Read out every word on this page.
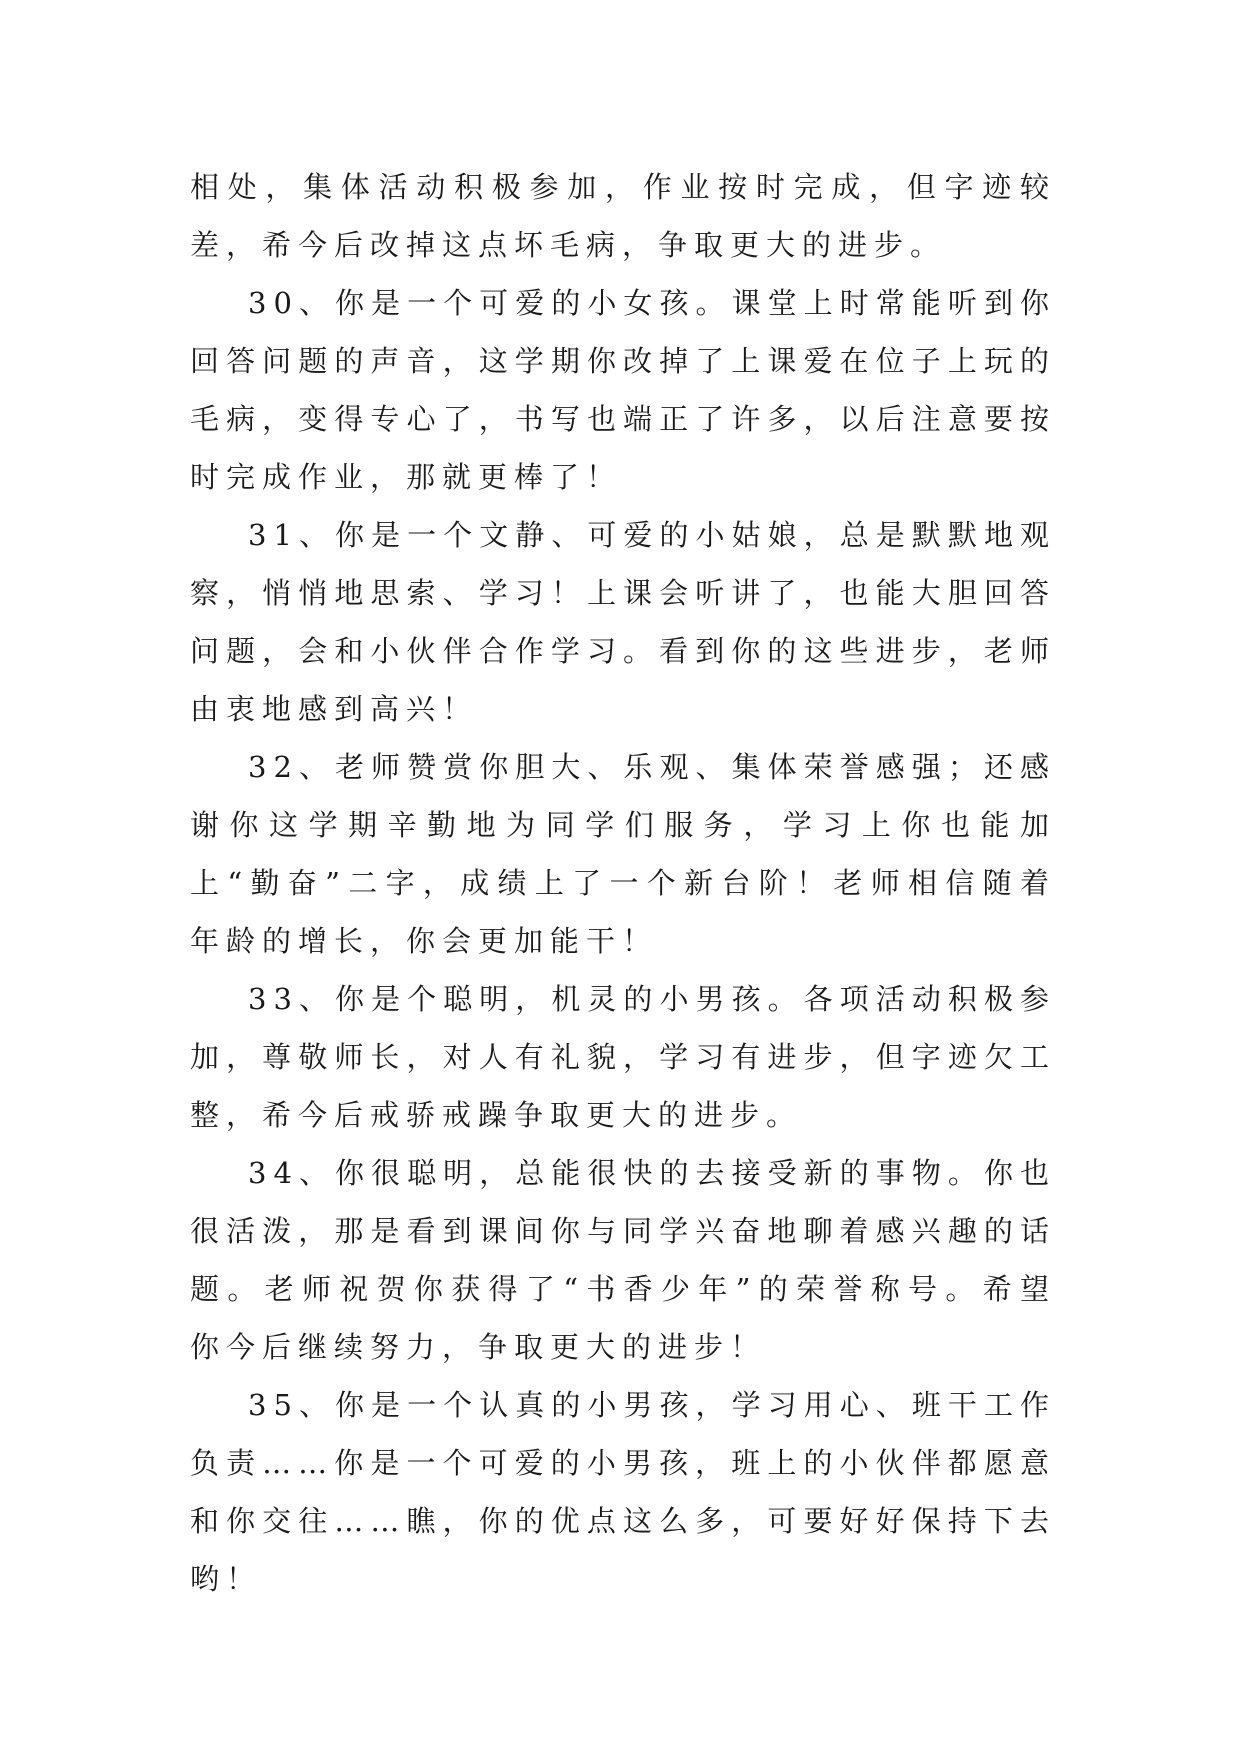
相处，集体活动积极参加，作业按时完成，但字迹较差，希今后改掉这点坏毛病，争取更大的进步。

30、你是一个可爱的小女孩。课堂上时常能听到你回答问题的声音，这学期你改掉了上课爱在位子上玩的毛病，变得专心了，书写也端正了许多，以后注意要按时完成作业，那就更棒了！

31、你是一个文静、可爱的小姑娘，总是默默地观察，悄悄地思索、学习！上课会听讲了，也能大胆回答问题，会和小伙伴合作学习。看到你的这些进步，老师由衷地感到高兴！

32、老师赞赏你胆大、乐观、集体荣誉感强；还感谢你这学期辛勤地为同学们服务，学习上你也能加上“勤奋”二字，成绩上了一个新台阶！老师相信随着年龄的增长，你会更加能干！

33、你是个聪明，机灵的小男孩。各项活动积极参加，尊敬师长，对人有礼貌，学习有进步，但字迹欠工整，希今后戒骄戒躁争取更大的进步。

34、你很聪明，总能很快的去接受新的事物。你也很活泼，那是看到课间你与同学兴奋地聊着感兴趣的话题。老师祝贺你获得了“书香少年”的荣誉称号。希望你今后继续努力，争取更大的进步！

35、你是一个认真的小男孩，学习用心、班干工作负责……你是一个可爱的小男孩，班上的小伙伴都愿意和你交往……瞧，你的优点这么多，可要好好保持下去哟！
